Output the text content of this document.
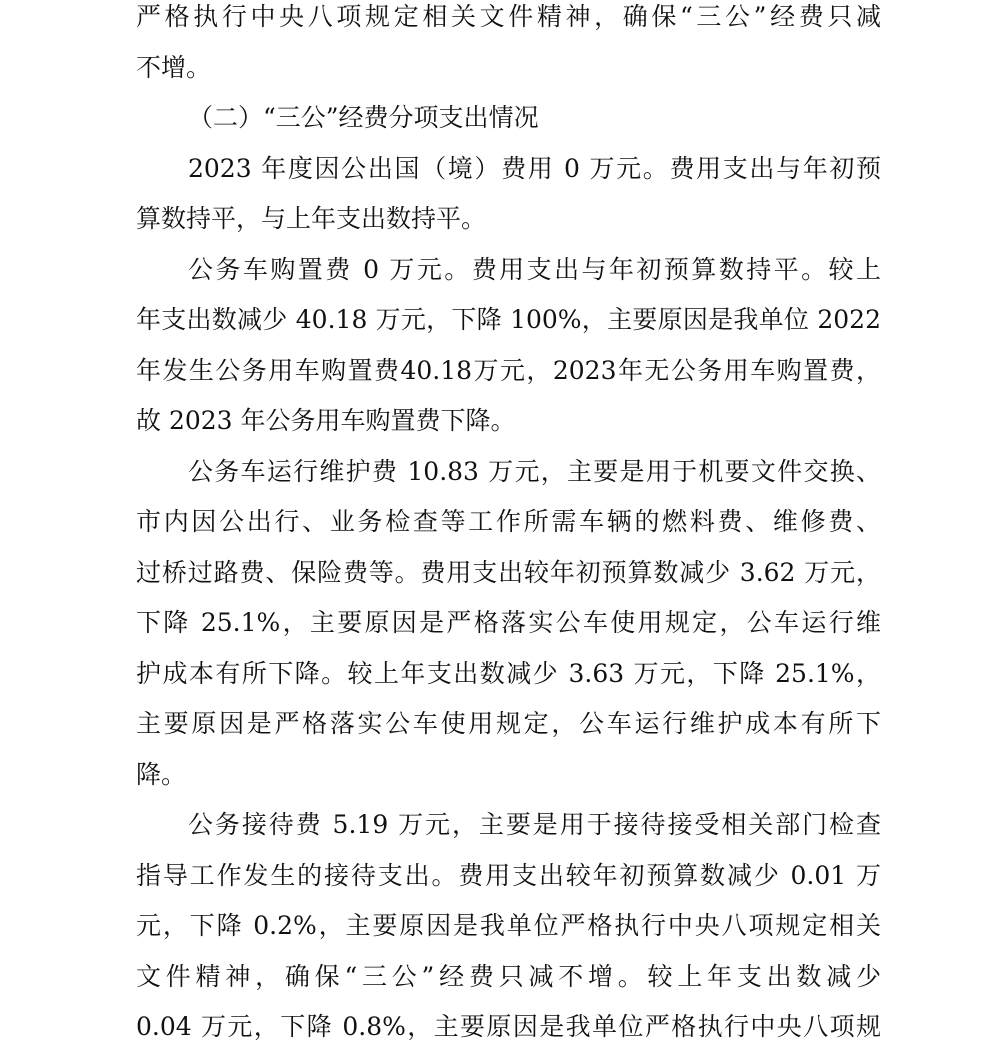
严格执行中央八项规定相关文件精神，确保“三公”经费只减
不增。
（二）“三公”经费分项支出情况
2023 年度因公出国（境）费用 0 万元。费用支出与年初预
算数持平，与上年支出数持平。
公务车购置费 0 万元。费用支出与年初预算数持平。较上
年支出数减少 40.18 万元，下降 100%，主要原因是我单位 2022
年发生公务用车购置费40.18万元，2023年无公务用车购置费，
故 2023 年公务用车购置费下降。
公务车运行维护费 10.83 万元，主要是用于机要文件交换、
市内因公出行、业务检查等工作所需车辆的燃料费、维修费、
过桥过路费、保险费等。费用支出较年初预算数减少 3.62 万元，
下降 25.1%，主要原因是严格落实公车使用规定，公车运行维
护成本有所下降。较上年支出数减少 3.63 万元，下降 25.1%，
主要原因是严格落实公车使用规定，公车运行维护成本有所下
降。
公务接待费 5.19 万元，主要是用于接待接受相关部门检查
指导工作发生的接待支出。费用支出较年初预算数减少 0.01 万
元，下降 0.2%，主要原因是我单位严格执行中央八项规定相关
文件精神，确保“三公”经费只减不增。较上年支出数减少
0.04 万元，下降 0.8%，主要原因是我单位严格执行中央八项规
